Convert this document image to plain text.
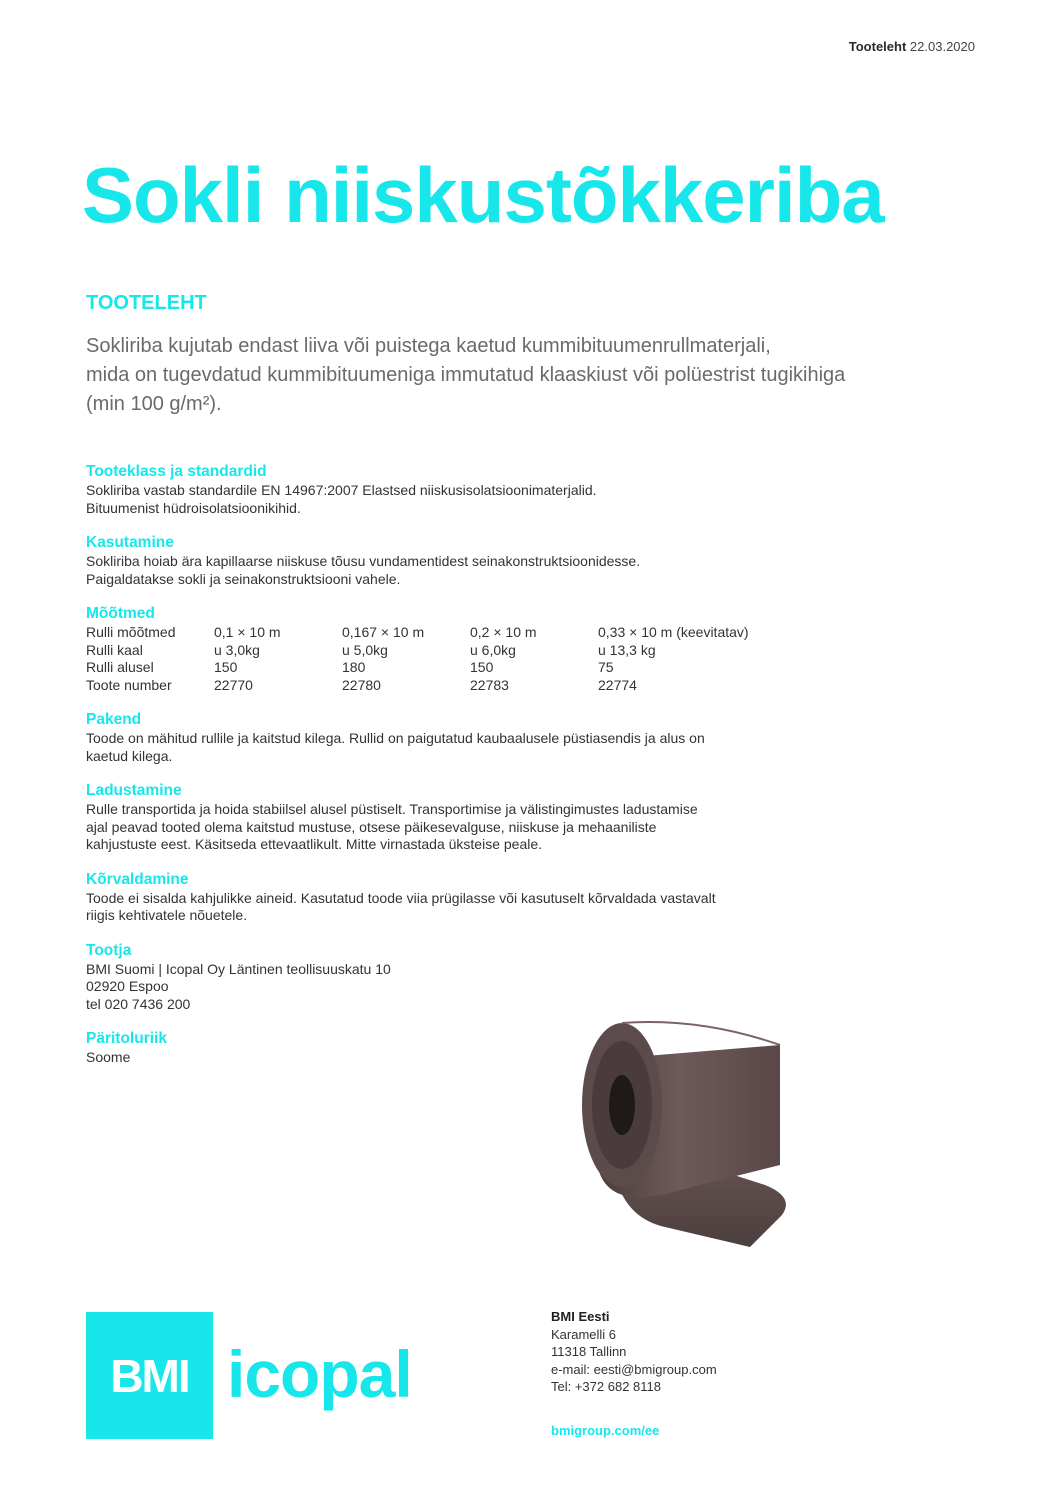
Tooteleht 22.03.2020
Sokli niiskustõkkeriba
TOOTELEHT

Sokliriba kujutab endast liiva või puistega kaetud kummibituumenrullmaterjali,
mida on tugevdatud kummibituumeniga immutatud klaaskiust või polüestrist tugikihiga
(min 100 g/m²).

Tooteklass ja standardid

Sokliriba vastab standardile EN 14967:2007 Elastsed niiskusisolatsioonimaterjalid.
Bituumenist hüdroisolatsioonikihid.

Kasutamine

Sokliriba hoiab ära kapillaarse niiskuse tõusu vundamentidest seinakonstruktsioonidesse.
Paigaldatakse sokli ja seinakonstruktsiooni vahele.

Mõõtmed
Rulli mõõtmed	0,1 × 10 m	0,167 × 10 m	0,2 × 10 m	0,33 × 10 m (keevitatav)
Rulli kaal	u 3,0kg	u 5,0kg	u 6,0kg	u 13,3 kg
Rulli alusel	150	180	150	75
Toote number	22770	22780	22783	22774
Pakend

Toode on mähitud rullile ja kaitstud kilega. Rullid on paigutatud kaubaalusele püstiasendis ja alus on
kaetud kilega.

Ladustamine

Rulle transportida ja hoida stabiilsel alusel püstiselt. Transportimise ja välistingimustes ladustamise
ajal peavad tooted olema kaitstud mustuse, otsese päikesevalguse, niiskuse ja mehaaniliste
kahjustuste eest. Käsitseda ettevaatlikult. Mitte virnastada üksteise peale.

Kõrvaldamine

Toode ei sisalda kahjulikke aineid. Kasutatud toode viia prügilasse või kasutuselt kõrvaldada vastavalt
riigis kehtivatele nõuetele.

Tootja

BMI Suomi | Icopal Oy Läntinen teollisuuskatu 10
02920 Espoo
tel 020 7436 200

Päritoluriik

Soome

BMI icopal
BMI Eesti
Karamelli 6
11318 Tallinn
e-mail: eesti@bmigroup.com
Tel: +372 682 8118
bmigroup.com/ee
